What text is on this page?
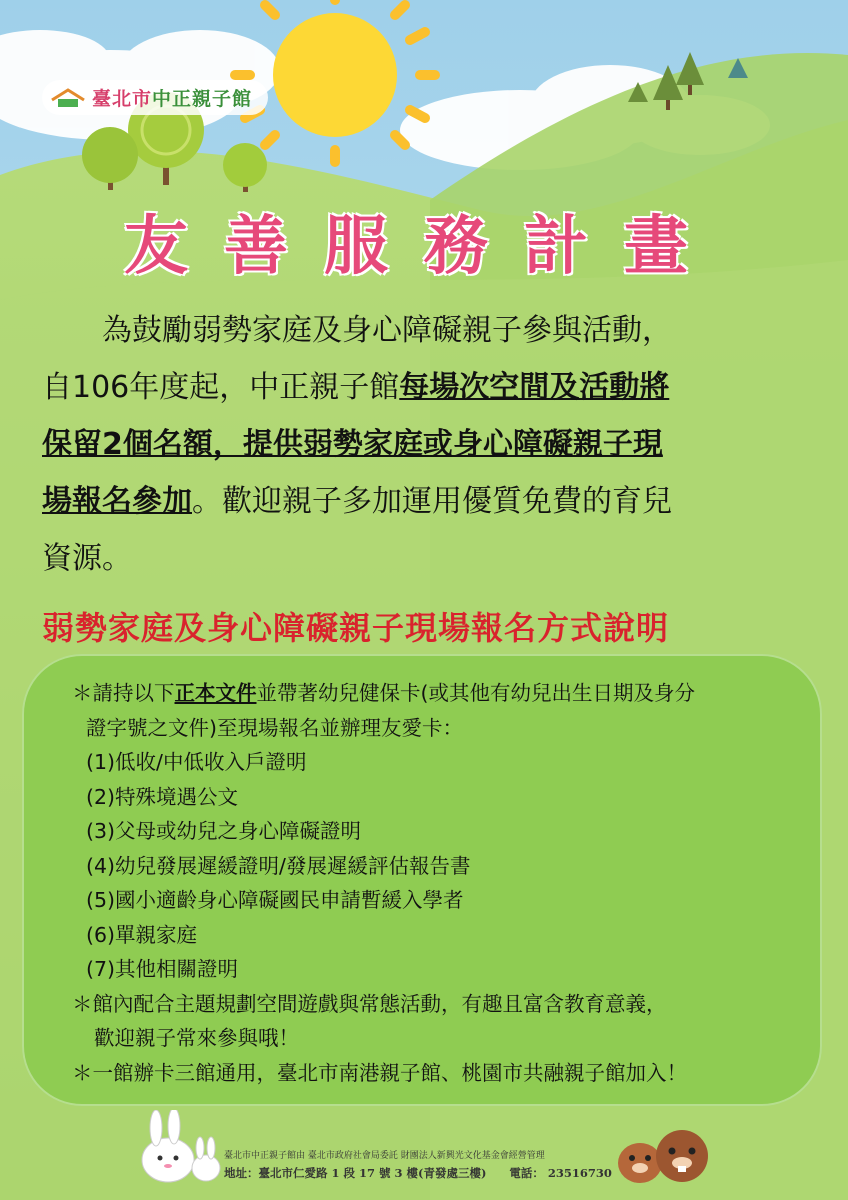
臺北市中正親子館
友善服務計畫
為鼓勵弱勢家庭及身心障礙親子參與活動，
自106年度起，中正親子館每場次空間及活動將
保留2個名額，提供弱勢家庭或身心障礙親子現
場報名參加。歡迎親子多加運用優質免費的育兒
資源。
弱勢家庭及身心障礙親子現場報名方式說明
＊請持以下正本文件並帶著幼兒健保卡(或其他有幼兒出生日期及身分
證字號之文件)至現場報名並辦理友愛卡：
(1)低收/中低收入戶證明
(2)特殊境遇公文
(3)父母或幼兒之身心障礙證明
(4)幼兒發展遲緩證明/發展遲緩評估報告書
(5)國小適齡身心障礙國民申請暫緩入學者
(6)單親家庭
(7)其他相關證明
＊館內配合主題規劃空間遊戲與常態活動，有趣且富含教育意義，
歡迎親子常來參與哦！
＊一館辦卡三館通用，臺北市南港親子館、桃園市共融親子館加入！
臺北市中正親子館由 臺北市政府社會局委託 財團法人新興光文化基金會經營管理
地址：臺北市仁愛路 1 段 17 號 3 樓(青發處三樓)　　 電話： 23516730
